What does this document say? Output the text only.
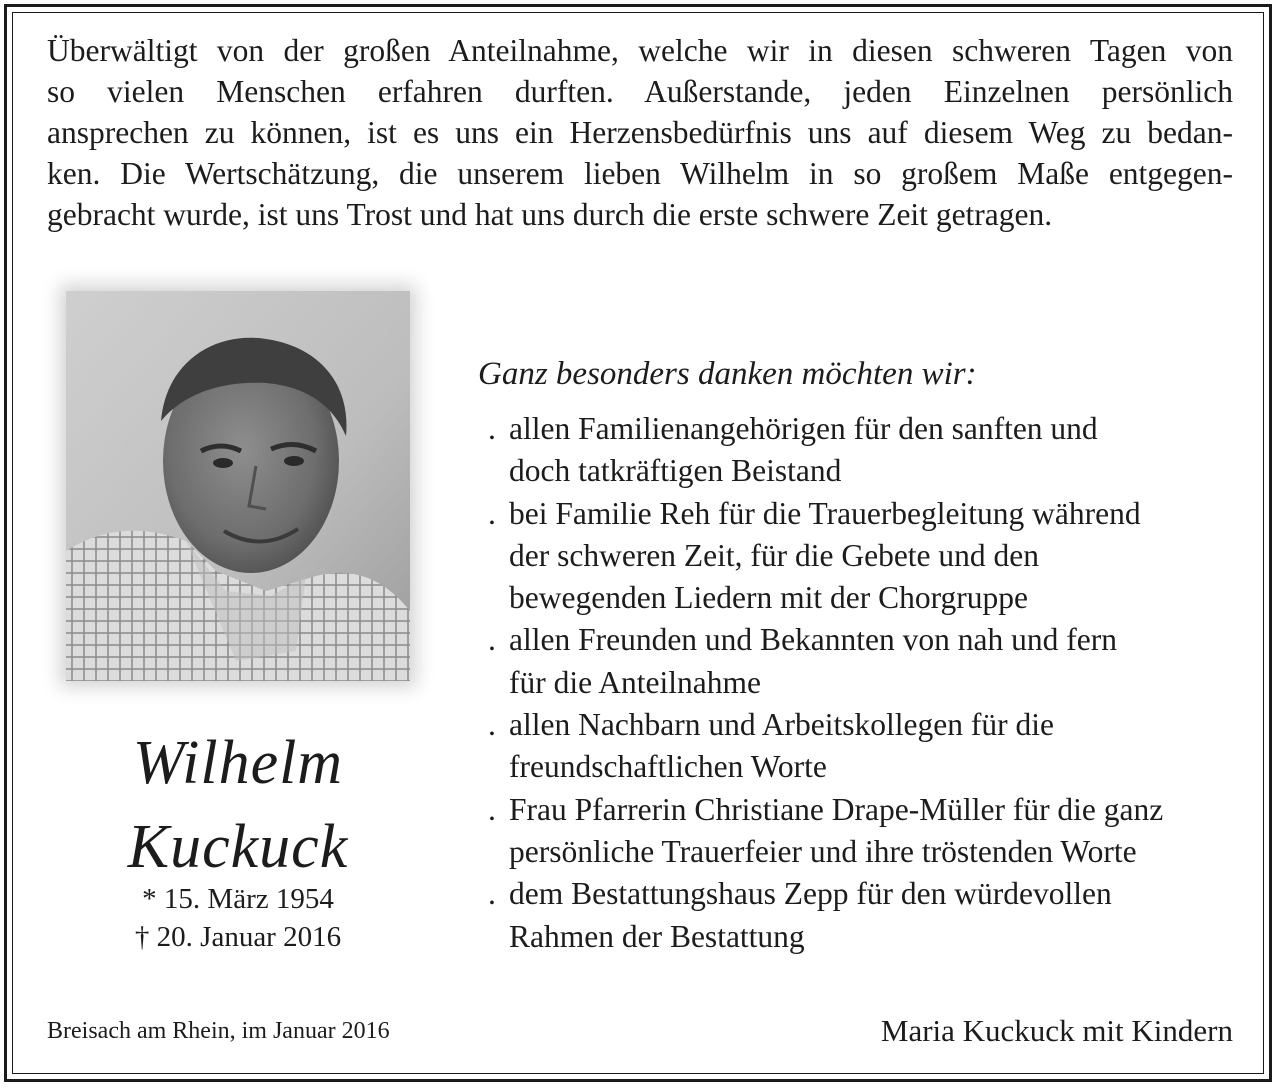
Überwältigt von der großen Anteilnahme, welche wir in diesen schweren Tagen von
so vielen Menschen erfahren durften. Außerstande, jeden Einzelnen persönlich
ansprechen zu können, ist es uns ein Herzensbedürfnis uns auf diesem Weg zu bedan-
ken. Die Wertschätzung, die unserem lieben Wilhelm in so großem Maße entgegen-
gebracht wurde, ist uns Trost und hat uns durch die erste schwere Zeit getragen.
Wilhelm
Kuckuck
* 15. März 1954
† 20. Januar 2016
Ganz besonders danken möchten wir:
. allen Familienangehörigen für den sanften und
doch tatkräftigen Beistand
. bei Familie Reh für die Trauerbegleitung während
der schweren Zeit, für die Gebete und den
bewegenden Liedern mit der Chorgruppe
. allen Freunden und Bekannten von nah und fern
für die Anteilnahme
. allen Nachbarn und Arbeitskollegen für die
freundschaftlichen Worte
. Frau Pfarrerin Christiane Drape-Müller für die ganz
persönliche Trauerfeier und ihre tröstenden Worte
. dem Bestattungshaus Zepp für den würdevollen
Rahmen der Bestattung
Breisach am Rhein, im Januar 2016	Maria Kuckuck mit Kindern
